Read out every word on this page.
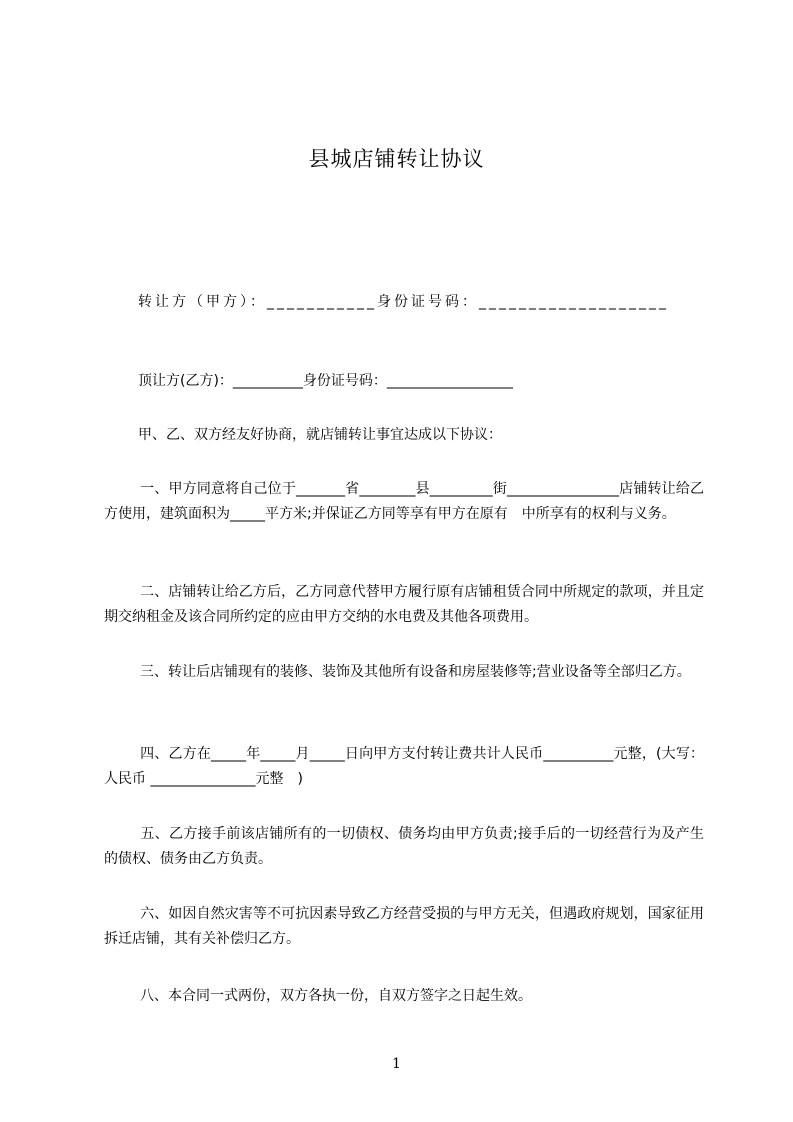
县城店铺转让协议
转让方（甲方）：___________身份证号码：___________________
顶让方(乙方)：__________身份证号码：__________________
甲、乙、双方经友好协商，就店铺转让事宜达成以下协议：
一、甲方同意将自己位于_______省________县_________街________________店铺转让给乙方使用，建筑面积为_____平方米;并保证乙方同等享有甲方在原有　中所享有的权利与义务。
二、店铺转让给乙方后，乙方同意代替甲方履行原有店铺租赁合同中所规定的款项，并且定期交纳租金及该合同所约定的应由甲方交纳的水电费及其他各项费用。
三、转让后店铺现有的装修、装饰及其他所有设备和房屋装修等;营业设备等全部归乙方。
四、乙方在_____年_____月_____日向甲方支付转让费共计人民币__________元整，(大写：人民币 _______________元整　)
五、乙方接手前该店铺所有的一切债权、债务均由甲方负责;接手后的一切经营行为及产生的债权、债务由乙方负责。
六、如因自然灾害等不可抗因素导致乙方经营受损的与甲方无关，但遇政府规划，国家征用拆迁店铺，其有关补偿归乙方。
八、本合同一式两份，双方各执一份，自双方签字之日起生效。
1
